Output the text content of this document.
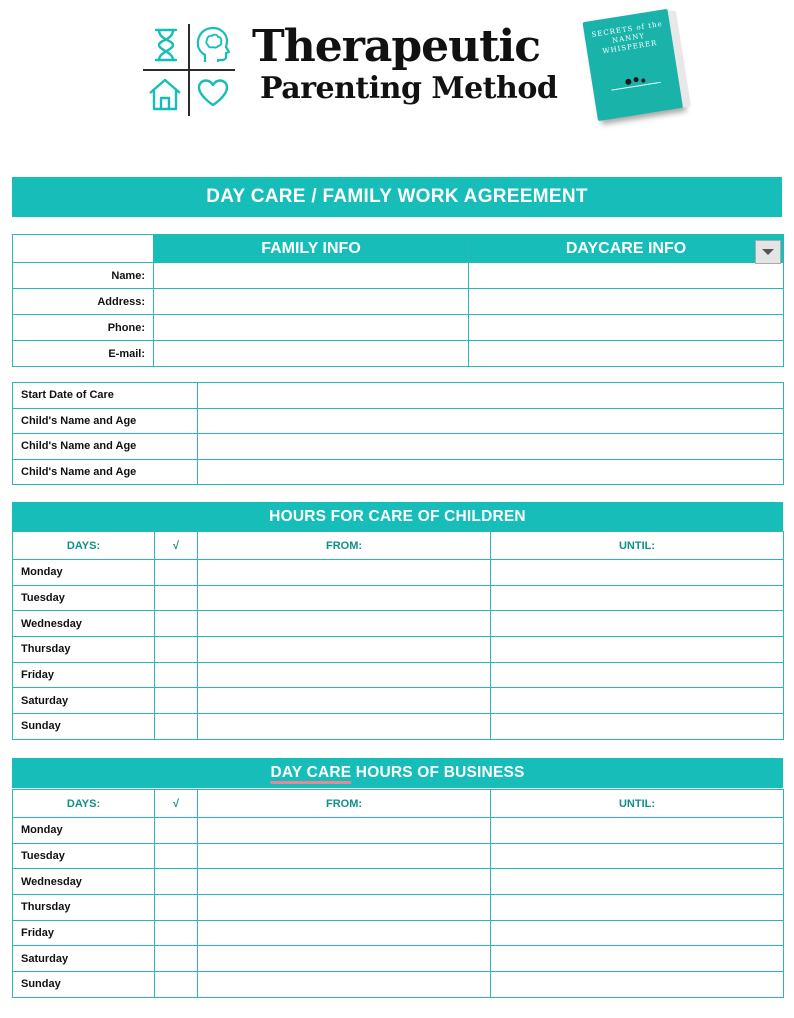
Therapeutic
Parenting Method
SECRETS of the NANNY WHISPERER
DAY CARE / FAMILY WORK AGREEMENT
	FAMILY INFO	DAYCARE INFO

Name:		
Address:		
Phone:		
E-mail:		
Start Date of Care	
Child's Name and Age	
Child's Name and Age	
Child's Name and Age	
HOURS FOR CARE OF CHILDREN
DAYS:	√	FROM:	UNTIL:
Monday			
Tuesday			
Wednesday			
Thursday			
Friday			
Saturday			
Sunday			
DAY CARE HOURS OF BUSINESS
DAYS:	√	FROM:	UNTIL:
Monday			
Tuesday			
Wednesday			
Thursday			
Friday			
Saturday			
Sunday			
